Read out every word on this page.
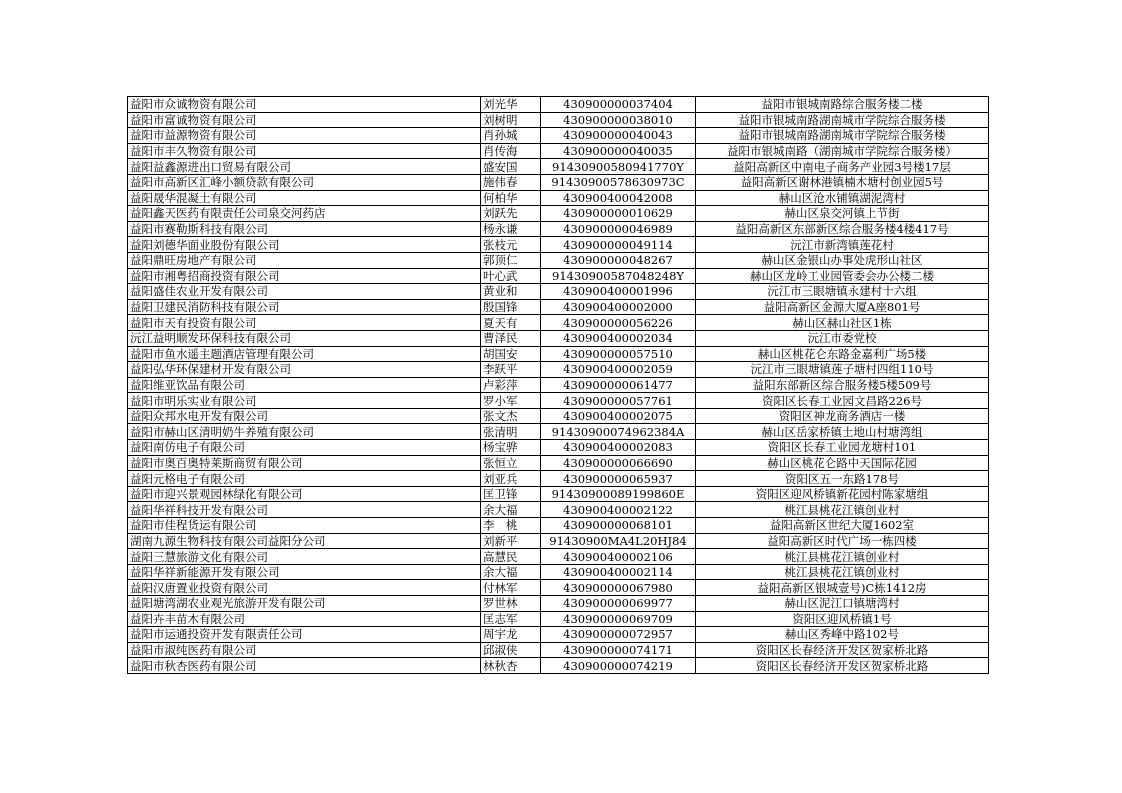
益阳市众诚物资有限公司	刘光华	430900000037404	益阳市银城南路综合服务楼二楼
益阳市富诚物资有限公司	刘树明	430900000038010	益阳市银城南路湖南城市学院综合服务楼
益阳市益源物资有限公司	肖孙城	430900000040043	益阳市银城南路湖南城市学院综合服务楼
益阳市丰久物资有限公司	肖传海	430900000040035	益阳市银城南路（湖南城市学院综合服务楼）
益阳益鑫源进出口贸易有限公司	盛安国	91430900580941770Y	益阳高新区中南电子商务产业园3号楼17层
益阳市高新区汇峰小额贷款有限公司	施伟春	91430900578630973C	益阳高新区谢林港镇楠木塘村创业园5号
益阳晟华混凝土有限公司	何柏华	430900400042008	赫山区沧水铺镇湖泥湾村
益阳鑫天医药有限责任公司泉交河药店	刘跃先	430900000010629	赫山区泉交河镇上节街
益阳市赛勒斯科技有限公司	杨永谦	430900000046989	益阳高新区东部新区综合服务楼4楼417号
益阳刘德华面业股份有限公司	张枝元	430900000049114	沅江市新湾镇莲花村
益阳鼎旺房地产有限公司	郭顶仁	430900000048267	赫山区金银山办事处虎形山社区
益阳市湘粤招商投资有限公司	叶心武	91430900587048248Y	赫山区龙岭工业园管委会办公楼二楼
益阳盛佳农业开发有限公司	黄业和	430900400001996	沅江市三眼塘镇永建村十六组
益阳卫建民消防科技有限公司	殷国锋	430900400002000	益阳高新区金源大厦A座801号
益阳市天有投资有限公司	夏天有	430900000056226	赫山区赫山社区1栋
沅江益明顺发环保科技有限公司	曹泽民	430900400002034	沅江市委党校
益阳市鱼水遥主题酒店管理有限公司	胡国安	430900000057510	赫山区桃花仑东路金嘉利广场5楼
益阳弘华环保建材开发有限公司	李跃平	430900400002059	沅江市三眼塘镇莲子塘村四组110号
益阳维亚饮品有限公司	卢彩萍	430900000061477	益阳东部新区综合服务楼5楼509号
益阳市明乐实业有限公司	罗小军	430900000057761	资阳区长春工业园文昌路226号
益阳众邦水电开发有限公司	张文杰	430900400002075	资阳区神龙商务酒店一楼
益阳市赫山区清明奶牛养殖有限公司	张清明	91430900074962384A	赫山区岳家桥镇土地山村塘湾组
益阳南仿电子有限公司	杨宝骅	430900400002083	资阳区长春工业园龙塘村101
益阳市奥百奥特莱斯商贸有限公司	张恒立	430900000066690	赫山区桃花仑路中天国际花园
益阳元格电子有限公司	刘亚兵	430900000065937	资阳区五一东路178号
益阳市迎兴景观园林绿化有限公司	匡卫锋	91430900089199860E	资阳区迎风桥镇新花园村陈家塘组
益阳华祥科技开发有限公司	余大福	430900400002122	桃江县桃花江镇创业村
益阳市佳程货运有限公司	李　桃	430900000068101	益阳高新区世纪大厦1602室
湖南九源生物科技有限公司益阳分公司	刘新平	91430900MA4L20HJ84	益阳高新区时代广场一栋四楼
益阳三慧旅游文化有限公司	高慧民	430900400002106	桃江县桃花江镇创业村
益阳华祥新能源开发有限公司	余大福	430900400002114	桃江县桃花江镇创业村
益阳汉唐置业投资有限公司	付林军	430900000067980	益阳高新区银城壹号)C栋1412房
益阳塘湾湖农业观光旅游开发有限公司	罗世林	430900000069977	赫山区泥江口镇塘湾村
益阳卉丰苗木有限公司	匡志军	430900000069709	资阳区迎风桥镇1号
益阳市运通投资开发有限责任公司	周宇龙	430900000072957	赫山区秀峰中路102号
益阳市淑纯医药有限公司	邱淑侠	430900000074171	资阳区长春经济开发区贺家桥北路
益阳市秋杏医药有限公司	林秋杏	430900000074219	资阳区长春经济开发区贺家桥北路
